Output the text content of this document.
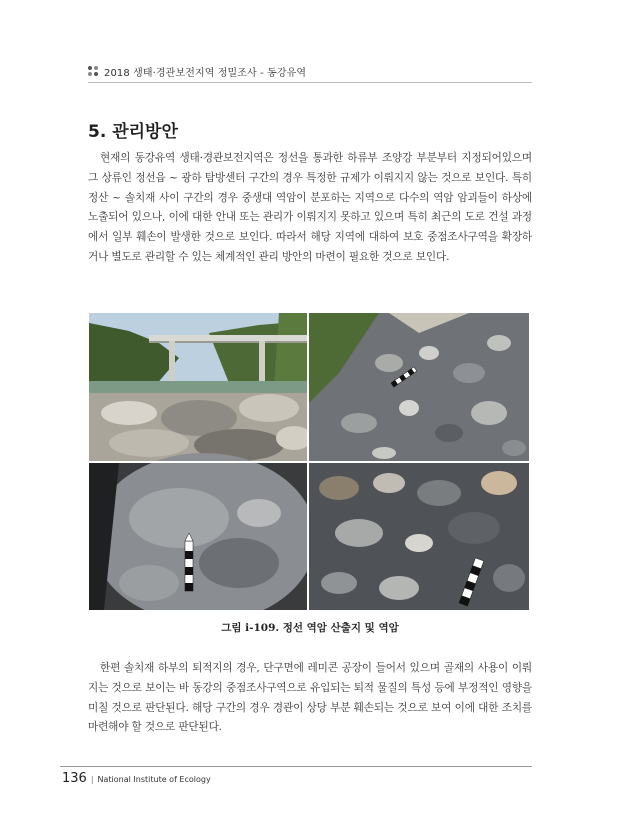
2018 생태·경관보전지역 정밀조사 - 동강유역
5. 관리방안

현재의 동강유역 생태·경관보전지역은 정선을 통과한 하류부 조양강 부분부터 지정되어있으며 그 상류인 정선읍 ~ 광하 탐방센터 구간의 경우 특정한 규제가 이뤄지지 않는 것으로 보인다. 특히 정산 ~ 솔치재 사이 구간의 경우 중생대 역암이 분포하는 지역으로 다수의 역암 암괴들이 하상에 노출되어 있으나, 이에 대한 안내 또는 관리가 이뤄지지 못하고 있으며 특히 최근의 도로 건설 과정에서 일부 훼손이 발생한 것으로 보인다. 따라서 해당 지역에 대하여 보호 중점조사구역을 확장하거나 별도로 관리할 수 있는 체계적인 관리 방안의 마련이 필요한 것으로 보인다.

그림 i-109. 정선 역암 산출지 및 역암

한편 솔치재 하부의 퇴적지의 경우, 단구면에 레미콘 공장이 들어서 있으며 골재의 사용이 이뤄지는 것으로 보이는 바 동강의 중점조사구역으로 유입되는 퇴적 물질의 특성 등에 부정적인 영향을 미칠 것으로 판단된다. 해당 구간의 경우 경관이 상당 부분 훼손되는 것으로 보여 이에 대한 조치를 마련해야 할 것으로 판단된다.

136 | National Institute of Ecology
